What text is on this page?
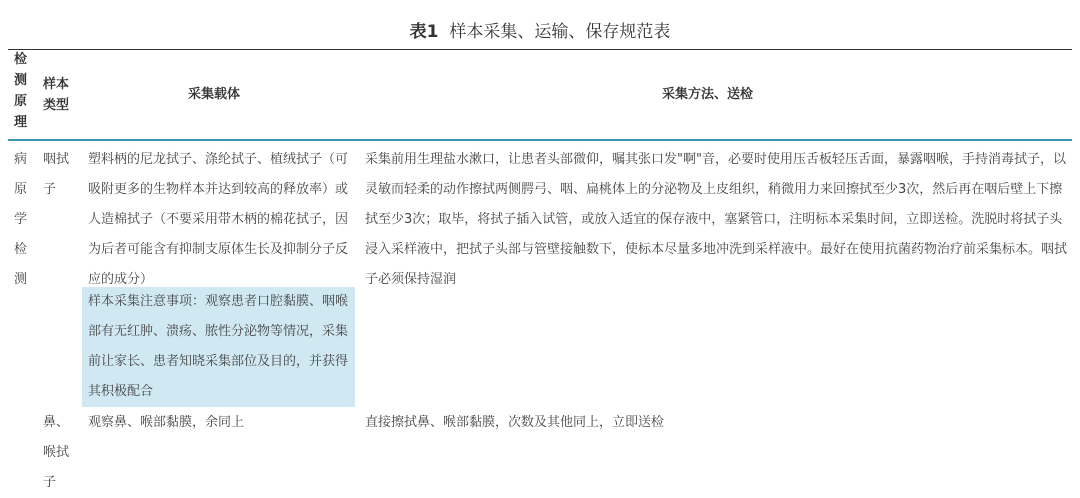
表1 样本采集、运输、保存规范表
检
测
原
理
样本类型
采集载体	采集方法、送检
病
原
学
检
测
咽拭子
塑料柄的尼龙拭子、涤纶拭子、植绒拭子（可吸附更多的生物样本并达到较高的释放率）或人造棉拭子（不要采用带木柄的棉花拭子，因为后者可能含有抑制支原体生长及抑制分子反应的成分）
样本采集注意事项：观察患者口腔黏膜、咽喉部有无红肿、溃疡、脓性分泌物等情况，采集前让家长、患者知晓采集部位及目的，并获得其积极配合
采集前用生理盐水漱口，让患者头部微仰，嘱其张口发"啊"音，必要时使用压舌板轻压舌面，暴露咽喉，手持消毒拭子，以灵敏而轻柔的动作擦拭两侧腭弓、咽、扁桃体上的分泌物及上皮组织，稍微用力来回擦拭至少3次，然后再在咽后壁上下擦拭至少3次；取毕，将拭子插入试管，或放入适宜的保存液中，塞紧管口，注明标本采集时间，立即送检。洗脱时将拭子头浸入采样液中，把拭子头部与管壁接触数下，使标本尽量多地冲洗到采样液中。最好在使用抗菌药物治疗前采集标本。咽拭子必须保持湿润
鼻、喉拭子
观察鼻、喉部黏膜，余同上	直接擦拭鼻、喉部黏膜，次数及其他同上，立即送检
